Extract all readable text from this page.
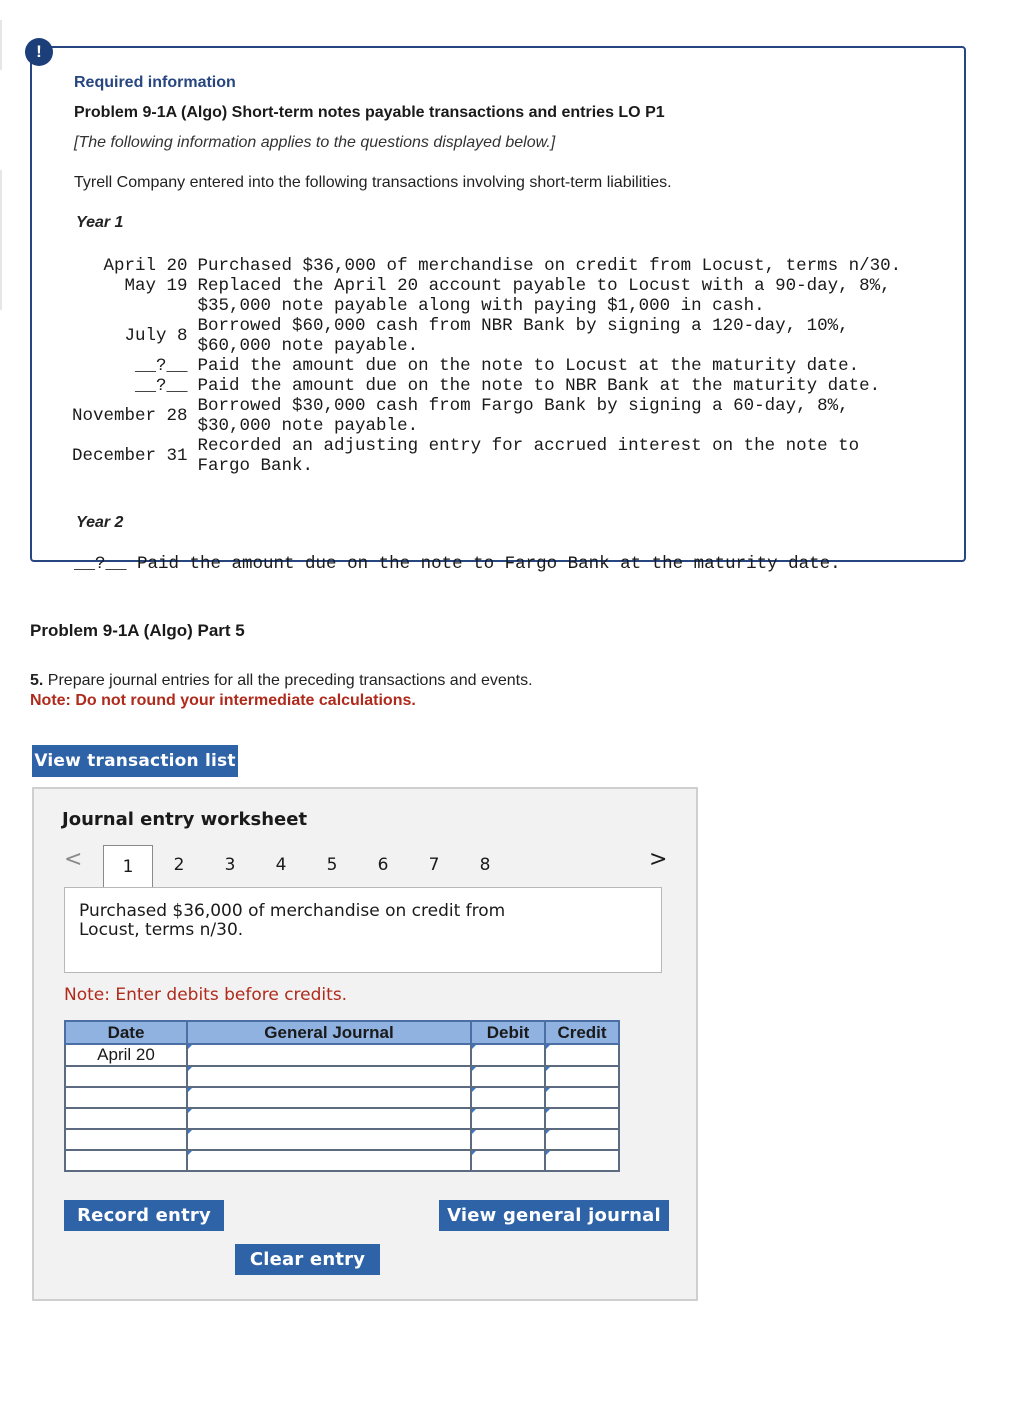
!
Required information
Problem 9-1A (Algo) Short-term notes payable transactions and entries LO P1
[The following information applies to the questions displayed below.]
Tyrell Company entered into the following transactions involving short-term liabilities.
Year 1
April 20	Purchased $36,000 of merchandise on credit from Locust, terms n/30.
May 19	Replaced the April 20 account payable to Locust with a 90-day, 8%, $35,000 note payable along with paying $1,000 in cash.
July 8	Borrowed $60,000 cash from NBR Bank by signing a 120-day, 10%, $60,000 note payable.
__?__	Paid the amount due on the note to Locust at the maturity date.
__?__	Paid the amount due on the note to NBR Bank at the maturity date.
November 28	Borrowed $30,000 cash from Fargo Bank by signing a 60-day, 8%, $30,000 note payable.
December 31	Recorded an adjusting entry for accrued interest on the note to Fargo Bank.
Year 2
__?__ Paid the amount due on the note to Fargo Bank at the maturity date.
Problem 9-1A (Algo) Part 5
5. Prepare journal entries for all the preceding transactions and events.
Note: Do not round your intermediate calculations.
View transaction list
Journal entry worksheet
<	1	2	3	4	5	6	7	8	>
Purchased $36,000 of merchandise on credit from
Locust, terms n/30.
Note: Enter debits before credits.
Date	General Journal	Debit	Credit
April 20			

Record entry	View general journal
Clear entry
